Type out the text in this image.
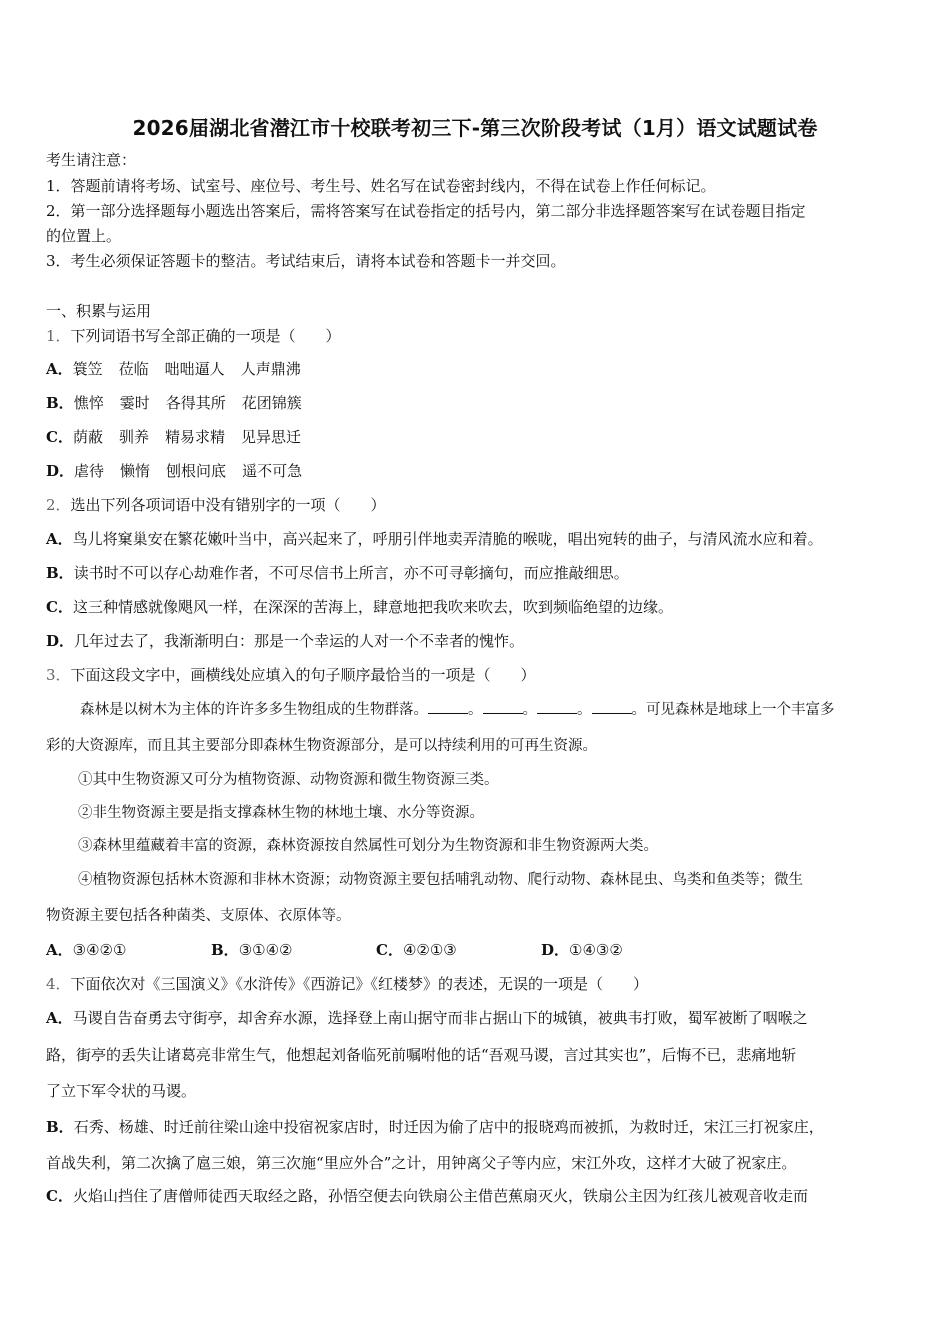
2026届湖北省潜江市十校联考初三下-第三次阶段考试（1月）语文试题试卷
考生请注意：
1．答题前请将考场、试室号、座位号、考生号、姓名写在试卷密封线内，不得在试卷上作任何标记。
2．第一部分选择题每小题选出答案后，需将答案写在试卷指定的括号内，第二部分非选择题答案写在试卷题目指定
的位置上。
3．考生必须保证答题卡的整洁。考试结束后，请将本试卷和答题卡一并交回。
一、积累与运用
1．下列词语书写全部正确的一项是（　　）
A．簑笠 莅临 咄咄逼人 人声鼎沸
B．憔悴 霎时 各得其所 花团锦簇
C．荫蔽 驯养 精易求精 见异思迁
D．虐待 懒惰 刨根问底 遥不可急
2．选出下列各项词语中没有错别字的一项（　　）
A．鸟儿将窠巢安在繁花嫩叶当中，高兴起来了，呼朋引伴地卖弄清脆的喉咙，唱出宛转的曲子，与清风流水应和着。
B．读书时不可以存心劫难作者，不可尽信书上所言，亦不可寻彰摘句，而应推敲细思。
C．这三种情感就像飓风一样，在深深的苦海上，肆意地把我吹来吹去，吹到频临绝望的边缘。
D．几年过去了，我渐渐明白：那是一个幸运的人对一个不幸者的愧怍。
3．下面这段文字中，画横线处应填入的句子顺序最恰当的一项是（　　）
森林是以树木为主体的许许多多生物组成的生物群落。	。	。	。	。可见森林是地球上一个丰富多
彩的大资源库，而且其主要部分即森林生物资源部分，是可以持续利用的可再生资源。
①其中生物资源又可分为植物资源、动物资源和微生物资源三类。
②非生物资源主要是指支撑森林生物的林地土壤、水分等资源。
③森林里蕴藏着丰富的资源，森林资源按自然属性可划分为生物资源和非生物资源两大类。
④植物资源包括林木资源和非林木资源；动物资源主要包括哺乳动物、爬行动物、森林昆虫、鸟类和鱼类等；微生
物资源主要包括各种菌类、支原体、衣原体等。
A．③④②①	B．③①④②	C．④②①③	D．①④③②
4．下面依次对《三国演义》《水浒传》《西游记》《红楼梦》的表述，无误的一项是（　　）
A．马谡自告奋勇去守街亭，却舍弃水源，选择登上南山据守而非占据山下的城镇，被典韦打败，蜀军被断了咽喉之
路，街亭的丢失让诸葛亮非常生气，他想起刘备临死前嘱咐他的话“吾观马谡，言过其实也”，后悔不已，悲痛地斩
了立下军令状的马谡。
B．石秀、杨雄、时迁前往梁山途中投宿祝家店时，时迁因为偷了店中的报晓鸡而被抓，为救时迁，宋江三打祝家庄，
首战失利，第二次擒了扈三娘，第三次施“里应外合”之计，用钟离父子等内应，宋江外攻，这样才大破了祝家庄。
C．火焰山挡住了唐僧师徒西天取经之路，孙悟空便去向铁扇公主借芭蕉扇灭火，铁扇公主因为红孩儿被观音收走而
